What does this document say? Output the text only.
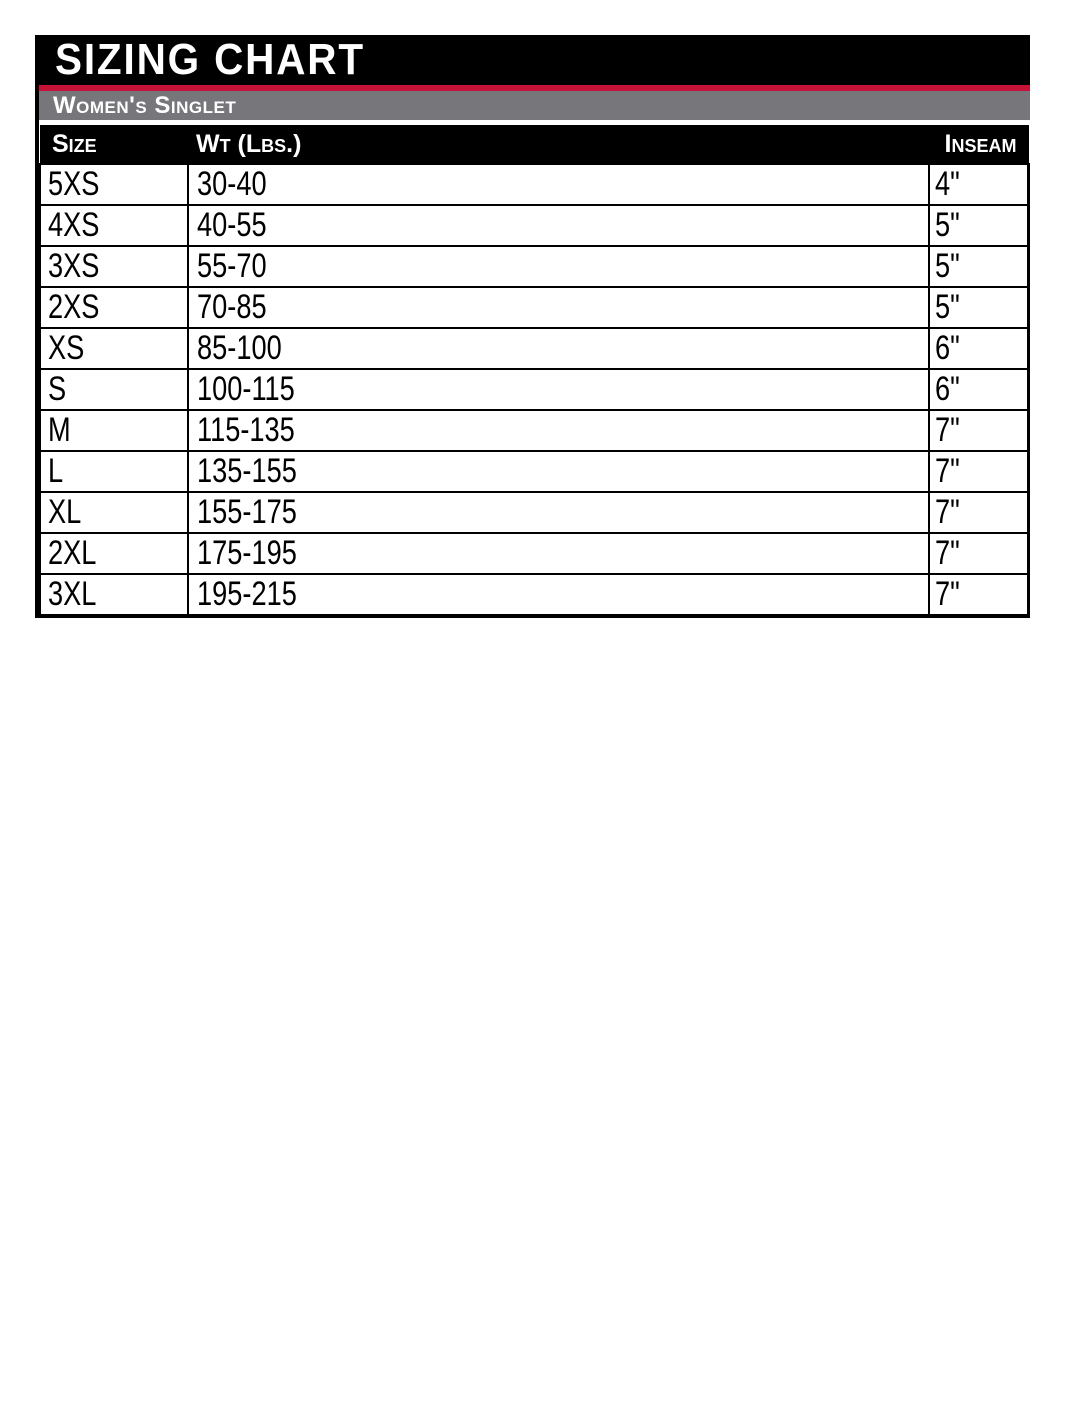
SIZING CHART
Women's Singlet
Size	Wt (Lbs.)	Inseam
5XS	30-40	4"
4XS	40-55	5"
3XS	55-70	5"
2XS	70-85	5"
XS	85-100	6"
S	100-115	6"
M	115-135	7"
L	135-155	7"
XL	155-175	7"
2XL	175-195	7"
3XL	195-215	7"
